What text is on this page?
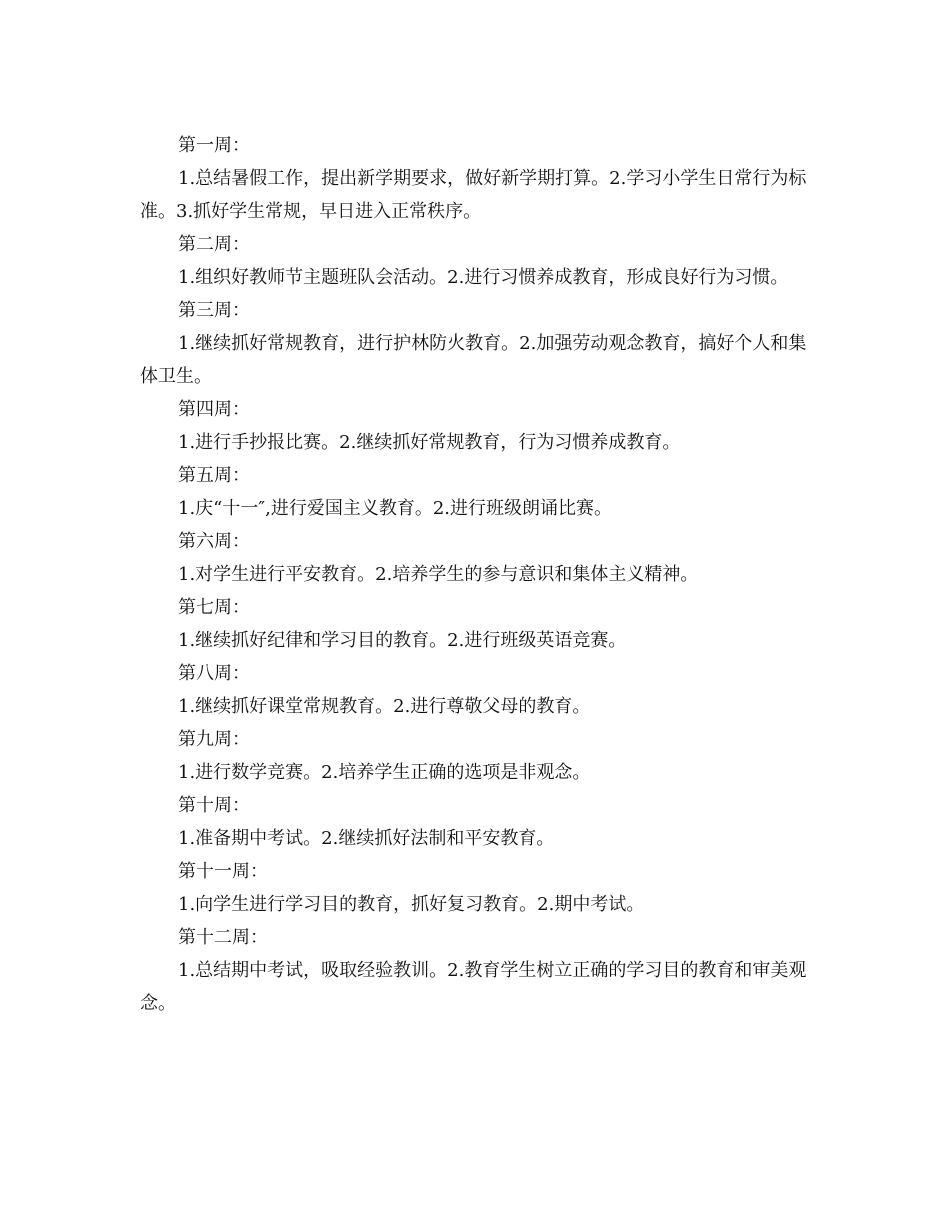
第一周：

1.总结暑假工作，提出新学期要求，做好新学期打算。2.学习小学生日常行为标准。3.抓好学生常规，早日进入正常秩序。

第二周：

1.组织好教师节主题班队会活动。2.进行习惯养成教育，形成良好行为习惯。

第三周：

1.继续抓好常规教育，进行护林防火教育。2.加强劳动观念教育，搞好个人和集体卫生。

第四周：

1.进行手抄报比赛。2.继续抓好常规教育，行为习惯养成教育。

第五周：

1.庆“十一″,进行爱国主义教育。2.进行班级朗诵比赛。

第六周：

1.对学生进行平安教育。2.培养学生的参与意识和集体主义精神。

第七周：

1.继续抓好纪律和学习目的教育。2.进行班级英语竞赛。

第八周：

1.继续抓好课堂常规教育。2.进行尊敬父母的教育。

第九周：

1.进行数学竞赛。2.培养学生正确的选项是非观念。

第十周：

1.准备期中考试。2.继续抓好法制和平安教育。

第十一周：

1.向学生进行学习目的教育，抓好复习教育。2.期中考试。

第十二周：

1.总结期中考试，吸取经验教训。2.教育学生树立正确的学习目的教育和审美观念。
